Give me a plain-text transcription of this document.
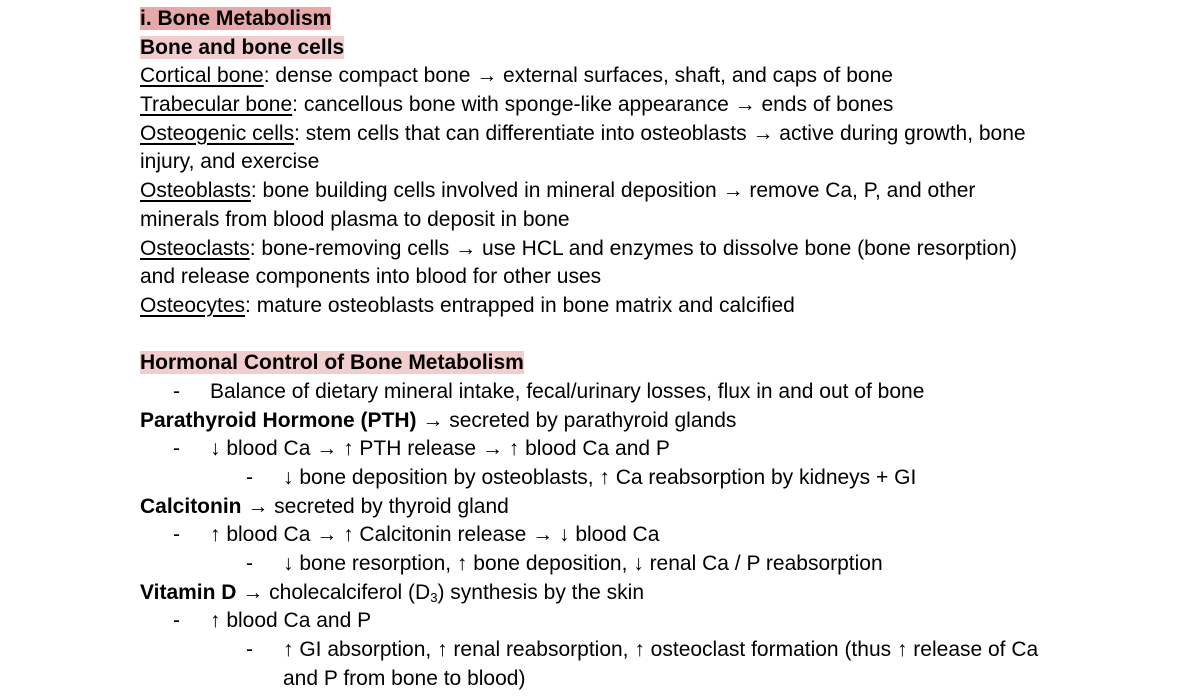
i. Bone Metabolism
Bone and bone cells
Cortical bone: dense compact bone → external surfaces, shaft, and caps of bone
Trabecular bone: cancellous bone with sponge-like appearance → ends of bones
Osteogenic cells: stem cells that can differentiate into osteoblasts → active during growth, bone
injury, and exercise
Osteoblasts: bone building cells involved in mineral deposition → remove Ca, P, and other
minerals from blood plasma to deposit in bone
Osteoclasts: bone-removing cells → use HCL and enzymes to dissolve bone (bone resorption)
and release components into blood for other uses
Osteocytes: mature osteoblasts entrapped in bone matrix and calcified
Hormonal Control of Bone Metabolism
- Balance of dietary mineral intake, fecal/urinary losses, flux in and out of bone
Parathyroid Hormone (PTH) → secreted by parathyroid glands
- ↓ blood Ca → ↑ PTH release → ↑ blood Ca and P
- ↓ bone deposition by osteoblasts, ↑ Ca reabsorption by kidneys + GI
Calcitonin → secreted by thyroid gland
- ↑ blood Ca → ↑ Calcitonin release → ↓ blood Ca
- ↓ bone resorption, ↑ bone deposition, ↓ renal Ca / P reabsorption
Vitamin D → cholecalciferol $(D_3)$ synthesis by the skin
- ↑ blood Ca and P
- ↑ GI absorption, ↑ renal reabsorption, ↑ osteoclast formation (thus ↑ release of Ca
and P from bone to blood)
